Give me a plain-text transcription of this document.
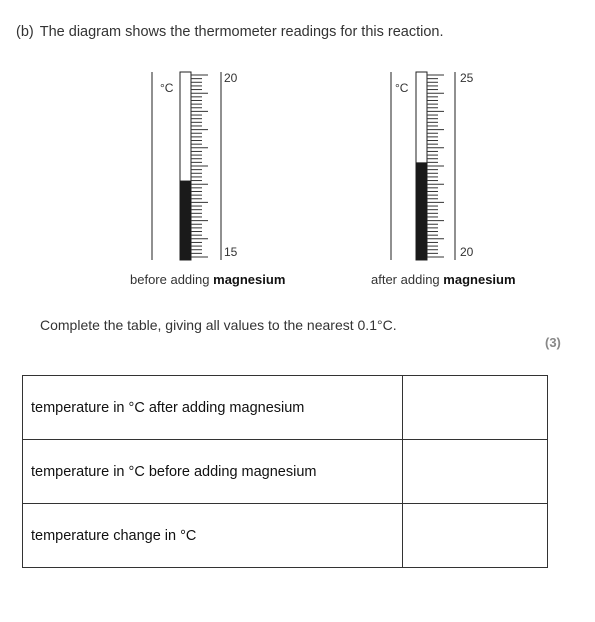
(b) The diagram shows the thermometer readings for this reaction.
°C
20
15
°C
25
20
before adding magnesium	after adding magnesium
Complete the table, giving all values to the nearest 0.1°C.
(3)
temperature in °C after adding magnesium	
temperature in °C before adding magnesium	
temperature change in °C	
